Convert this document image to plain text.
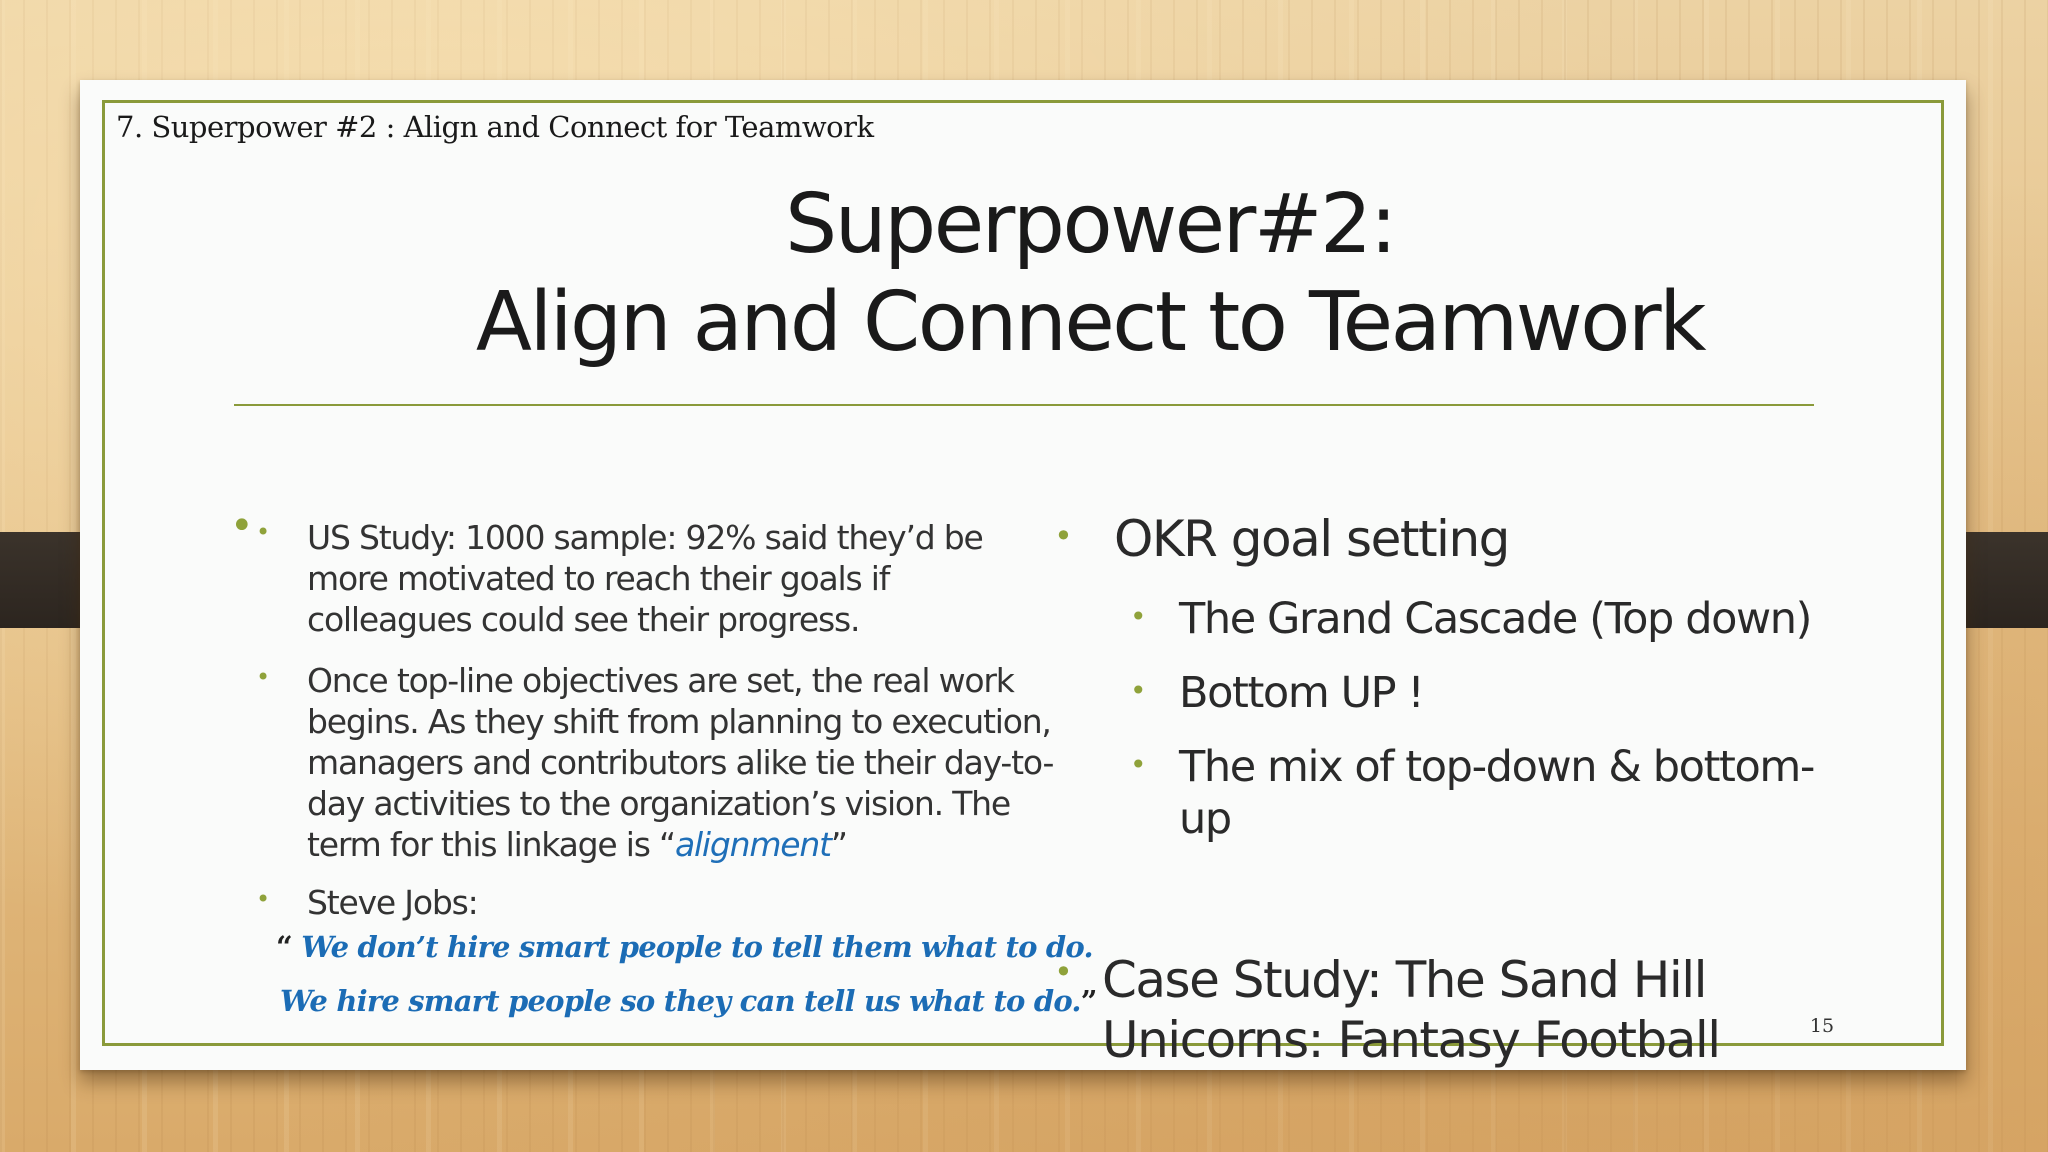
7. Superpower #2 : Align and Connect for Teamwork
Superpower#2:
Align and Connect to Teamwork
• • US Study: 1000 sample: 92% said they’d be more motivated to reach their goals if colleagues could see their progress.
• Once top-line objectives are set, the real work begins. As they shift from planning to execution, managers and contributors alike tie their day-to-day activities to the organization’s vision. The term for this linkage is “alignment”
• Steve Jobs:
“ We don’t hire smart people to tell them what to do.
We hire smart people so they can tell us what to do.”
• OKR goal setting
• The Grand Cascade (Top down)
• Bottom UP !
• The mix of top-down & bottom-up
• Case Study: The Sand Hill Unicorns: Fantasy Football	15
